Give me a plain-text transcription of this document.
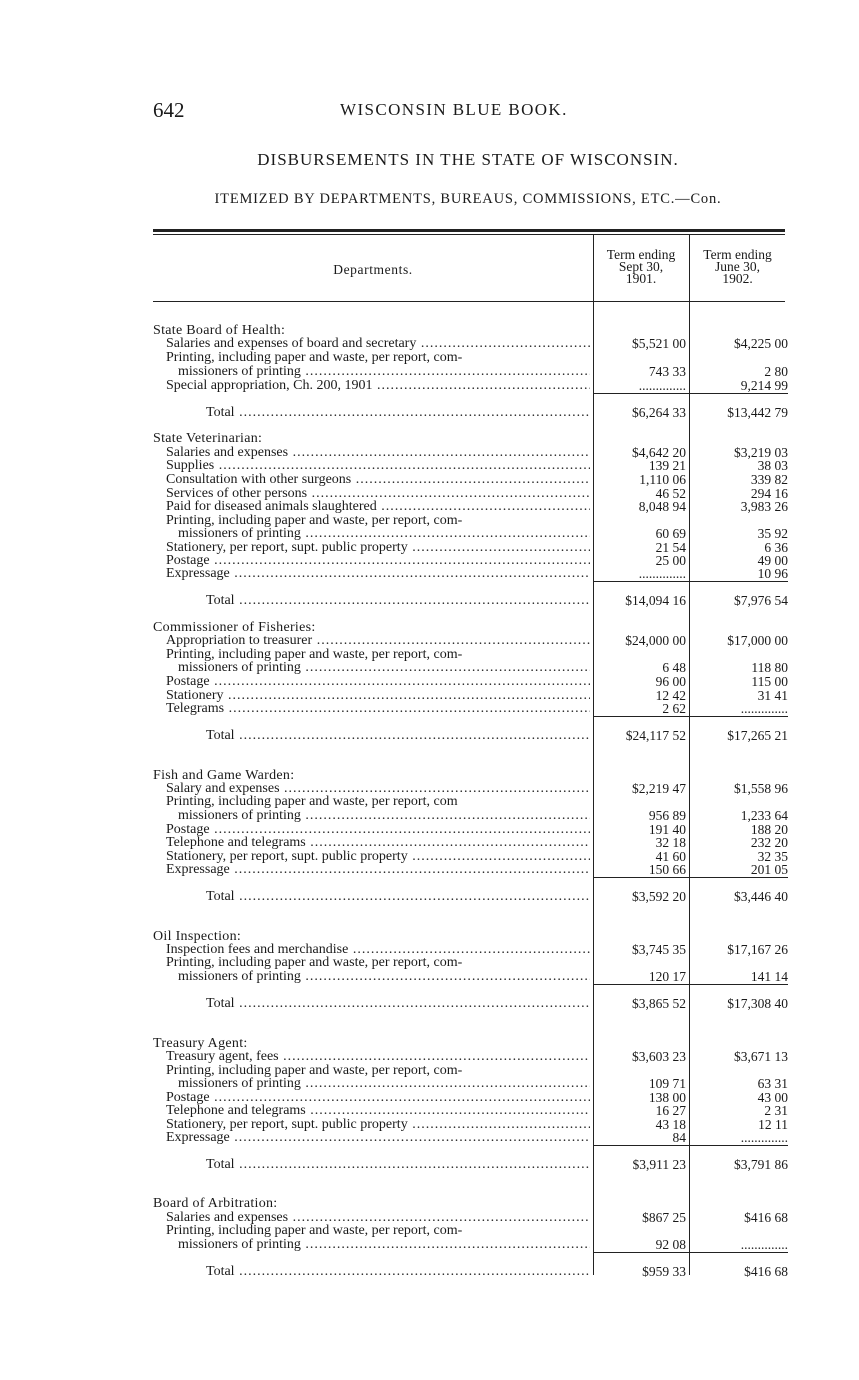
642	WISCONSIN BLUE BOOK.
DISBURSEMENTS IN THE STATE OF WISCONSIN.
ITEMIZED BY DEPARTMENTS, BUREAUS, COMMISSIONS, ETC.—Con.
Departments.
Term ending
Sept 30,
1901.
Term ending
June 30,
1902.
State Board of Health:
Salaries and expenses of board and secretary .....	$5,521 00	$4,225 00
Printing, including paper and waste, per report, com-
missioners of printing .....	743 33	2 80
Special appropriation, Ch. 200, 1901 .....	..............	9,214 99
Total .....	$6,264 33	$13,442 79
State Veterinarian:
Salaries and expenses .....	$4,642 20	$3,219 03
Supplies .....	139 21	38 03
Consultation with other surgeons .....	1,110 06	339 82
Services of other persons .....	46 52	294 16
Paid for diseased animals slaughtered .....	8,048 94	3,983 26
Printing, including paper and waste, per report, com-
missioners of printing .....	60 69	35 92
Stationery, per report, supt. public property .....	21 54	6 36
Postage .....	25 00	49 00
Expressage .....	..............	10 96
Total .....	$14,094 16	$7,976 54
Commissioner of Fisheries:
Appropriation to treasurer .....	$24,000 00	$17,000 00
Printing, including paper and waste, per report, com-
missioners of printing .....	6 48	118 80
Postage .....	96 00	115 00
Stationery .....	12 42	31 41
Telegrams .....	2 62	..............
Total .....	$24,117 52	$17,265 21
Fish and Game Warden:
Salary and expenses .....	$2,219 47	$1,558 96
Printing, including paper and waste, per report, com
missioners of printing .....	956 89	1,233 64
Postage .....	191 40	188 20
Telephone and telegrams .....	32 18	232 20
Stationery, per report, supt. public property .....	41 60	32 35
Expressage .....	150 66	201 05
Total .....	$3,592 20	$3,446 40
Oil Inspection:
Inspection fees and merchandise .....	$3,745 35	$17,167 26
Printing, including paper and waste, per report, com-
missioners of printing .....	120 17	141 14
Total .....	$3,865 52	$17,308 40
Treasury Agent:
Treasury agent, fees .....	$3,603 23	$3,671 13
Printing, including paper and waste, per report, com-
missioners of printing .....	109 71	63 31
Postage .....	138 00	43 00
Telephone and telegrams .....	16 27	2 31
Stationery, per report, supt. public property .....	43 18	12 11
Expressage .....	84	..............
Total .....	$3,911 23	$3,791 86
Board of Arbitration:
Salaries and expenses .....	$867 25	$416 68
Printing, including paper and waste, per report, com-
missioners of printing .....	92 08	..............
Total .....	$959 33	$416 68
